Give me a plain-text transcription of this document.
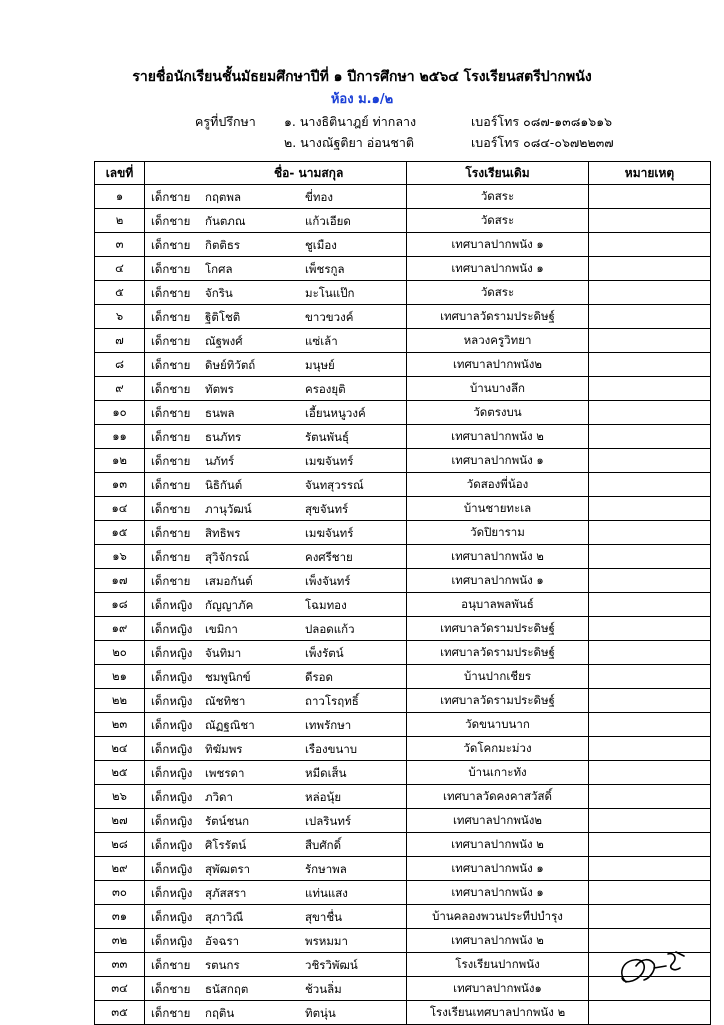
รายชื่อนักเรียนชั้นมัธยมศึกษาปีที่ ๑ ปีการศึกษา ๒๕๖๔ โรงเรียนสตรีปากพนัง
ห้อง ม.๑/๒
ครูที่ปรึกษา ๑. นางธิตินาฎย์ ท่ากลาง	เบอร์โทร ๐๘๗-๑๓๘๑๖๑๖
๒. นางณัฐติยา อ่อนชาติ	เบอร์โทร ๐๘๔-๐๖๗๒๒๓๗
เลขที่	ชื่อ- นามสกุล	โรงเรียนเดิม	หมายเหตุ
๑	เด็กชาย กฤตพล ขี่ทอง	วัดสระ	
๒	เด็กชาย กันตภณ แก้วเอียด	วัดสระ	
๓	เด็กชาย กิตติธร ชูเมือง	เทศบาลปากพนัง ๑	
๔	เด็กชาย โกศล เพ็ชรกูล	เทศบาลปากพนัง ๑	
๕	เด็กชาย จักริน มะโนแป๊ก	วัดสระ	
๖	เด็กชาย ฐิติโชติ ขาวขวงค์	เทศบาลวัดรามประดิษฐ์	
๗	เด็กชาย ณัฐพงศ์ แซ่เล้า	หลวงครูวิทยา	
๘	เด็กชาย ดิษย์ทิวัตถ์ มนุษย์	เทศบาลปากพนัง๒	
๙	เด็กชาย ทัตพร ครองยุติ	บ้านบางลึก	
๑๐	เด็กชาย ธนพล เอี้ยนหนูวงค์	วัดตรงบน	
๑๑	เด็กชาย ธนภัทร รัตนพันธุ์	เทศบาลปากพนัง ๒	
๑๒	เด็กชาย นภัทร์ เมฆจันทร์	เทศบาลปากพนัง ๑	
๑๓	เด็กชาย นิธิกันต์ จันทสุวรรณ์	วัดสองพี่น้อง	
๑๔	เด็กชาย ภานุวัฒน์ สุขจันทร์	บ้านชายทะเล	
๑๕	เด็กชาย สิทธิพร เมฆจันทร์	วัดปิยาราม	
๑๖	เด็กชาย สุวิจักรณ์ คงศรีชาย	เทศบาลปากพนัง ๒	
๑๗	เด็กชาย เสมอกันต์ เพ็งจันทร์	เทศบาลปากพนัง ๑	
๑๘	เด็กหญิง กัญญาภัค โฉมทอง	อนุบาลพลพันธ์	
๑๙	เด็กหญิง เขมิกา ปลอดแก้ว	เทศบาลวัดรามประดิษฐ์	
๒๐	เด็กหญิง จันทิมา เพ็งรัตน์	เทศบาลวัดรามประดิษฐ์	
๒๑	เด็กหญิง ชมพูนิกข์ ดีรอด	บ้านปากเชียร	
๒๒	เด็กหญิง ณัชทิชา ถาวโรฤทธิ์	เทศบาลวัดรามประดิษฐ์	
๒๓	เด็กหญิง ณัฏฐณิชา เทพรักษา	วัดขนาบนาก	
๒๔	เด็กหญิง ทิฆัมพร เรืองขนาบ	วัดโคกมะม่วง	
๒๕	เด็กหญิง เพชรดา หมีดเส็น	บ้านเกาะทัง	
๒๖	เด็กหญิง ภวิดา หล่อนุ้ย	เทศบาลวัดคงคาสวัสดิ์	
๒๗	เด็กหญิง รัตน์ชนก เปลรินทร์	เทศบาลปากพนัง๒	
๒๘	เด็กหญิง ศิโรรัตน์ สืบศักดิ์	เทศบาลปากพนัง ๒	
๒๙	เด็กหญิง สุพัฒตรา รักษาพล	เทศบาลปากพนัง ๑	
๓๐	เด็กหญิง สุภัสสรา แท่นแสง	เทศบาลปากพนัง ๑	
๓๑	เด็กหญิง สุภาวิณี สุขาชื่น	บ้านคลองพวนประทีปบำรุง	
๓๒	เด็กหญิง อัจฉรา พรหมมา	เทศบาลปากพนัง ๒	
๓๓	เด็กชาย รตนกร วชิรวิพัฒน์	โรงเรียนปากพนัง	
๓๔	เด็กชาย ธนัสกฤต ช้วนลิ่ม	เทศบาลปากพนัง๑	
๓๕	เด็กชาย กฤติน ทิตนุ่น	โรงเรียนเทศบาลปากพนัง ๒	
